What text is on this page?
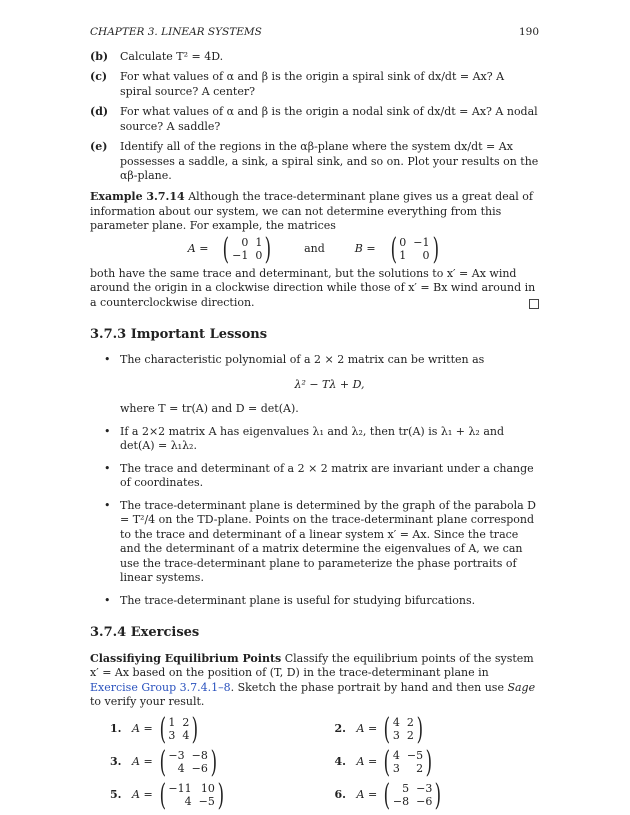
CHAPTER 3. LINEAR SYSTEMS	190
(b)	Calculate T² = 4D.
(c)	For what values of α and β is the origin a spiral sink of dx/dt = Ax? A spiral source? A center?
(d)	For what values of α and β is the origin a nodal sink of dx/dt = Ax? A nodal source? A saddle?
(e)	Identify all of the regions in the αβ-plane where the system dx/dt = Ax possesses a saddle, a sink, a spiral sink, and so on. Plot your results on the αβ-plane.
Example 3.7.14 Although the trace-determinant plane gives us a great deal of information about our system, we can not determine everything from this parameter plane. For example, the matrices
A = (	0 1
−1 0 )	and	B = ( 0 −1
1	0 )
both have the same trace and determinant, but the solutions to x′ = Ax wind around the origin in a clockwise direction while those of x′ = Bx wind around in a counterclockwise direction.
3.7.3 Important Lessons
• The characteristic polynomial of a 2 × 2 matrix can be written as
λ² − Tλ + D,
where T = tr(A) and D = det(A).
• If a 2×2 matrix A has eigenvalues λ₁ and λ₂, then tr(A) is λ₁ + λ₂ and det(A) = λ₁λ₂.
• The trace and determinant of a 2 × 2 matrix are invariant under a change of coordinates.
• The trace-determinant plane is determined by the graph of the parabola D = T²/4 on the TD-plane. Points on the trace-determinant plane correspond to the trace and determinant of a linear system x′ = Ax. Since the trace and the determinant of a matrix determine the eigenvalues of A, we can use the trace-determinant plane to parameterize the phase portraits of linear systems.
• The trace-determinant plane is useful for studying bifurcations.
3.7.4 Exercises
Classifiying Equilibrium Points Classify the equilibrium points of the system x′ = Ax based on the position of (T, D) in the trace-determinant plane in Exercise Group 3.7.4.1–8. Sketch the phase portrait by hand and then use Sage to verify your result.
1. A = ( 1 2
3 4 )	2. A = ( 4 2
3 2 )
3. A = ( −3 −8
4 −6 )	4. A = ( 4 −5
3	2 )
5. A = ( −11 10
4 −5 )	6. A = (	5 −3
−8 −6 )
